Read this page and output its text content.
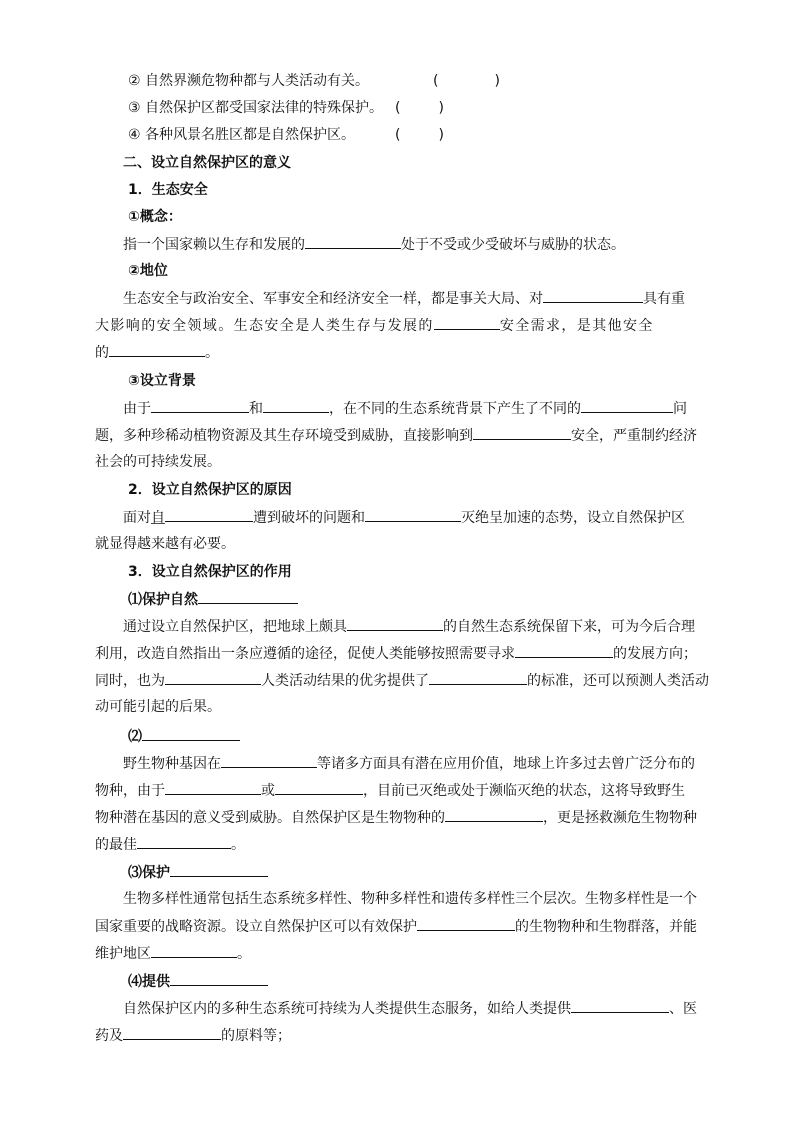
② 自然界濒危物种都与人类活动有关。	(	)
③ 自然保护区都受国家法律的特殊保护。 (	)
④ 各种风景名胜区都是自然保护区。	(	)
二、设立自然保护区的意义
1．生态安全
①概念：
指一个国家赖以生存和发展的	处于不受或少受破坏与威胁的状态。
②地位
生态安全与政治安全、军事安全和经济安全一样，都是事关大局、对	具有重
大影响的安全领域。生态安全是人类生存与发展的	安全需求，是其他安全
的	。
③设立背景
由于	和	，在不同的生态系统背景下产生了不同的	问
题，多种珍稀动植物资源及其生存环境受到威胁，直接影响到	安全，严重制约经济
社会的可持续发展。
2．设立自然保护区的原因
面对自	遭到破坏的问题和	灭绝呈加速的态势，设立自然保护区
就显得越来越有必要。
3．设立自然保护区的作用
⑴保护自然
通过设立自然保护区，把地球上颇具	的自然生态系统保留下来，可为今后合理
利用，改造自然指出一条应遵循的途径，促使人类能够按照需要寻求	的发展方向；
同时，也为	人类活动结果的优劣提供了	的标准，还可以预测人类活动
动可能引起的后果。
⑵
野生物种基因在	等诸多方面具有潜在应用价值，地球上许多过去曾广泛分布的
物种，由于	或	，目前已灭绝或处于濒临灭绝的状态，这将导致野生
物种潜在基因的意义受到威胁。自然保护区是生物物种的	，更是拯救濒危生物物种
的最佳	。
⑶保护
生物多样性通常包括生态系统多样性、物种多样性和遗传多样性三个层次。生物多样性是一个
国家重要的战略资源。设立自然保护区可以有效保护	的生物物种和生物群落，并能
维护地区	。
⑷提供
自然保护区内的多种生态系统可持续为人类提供生态服务，如给人类提供	、医
药及	的原料等；
